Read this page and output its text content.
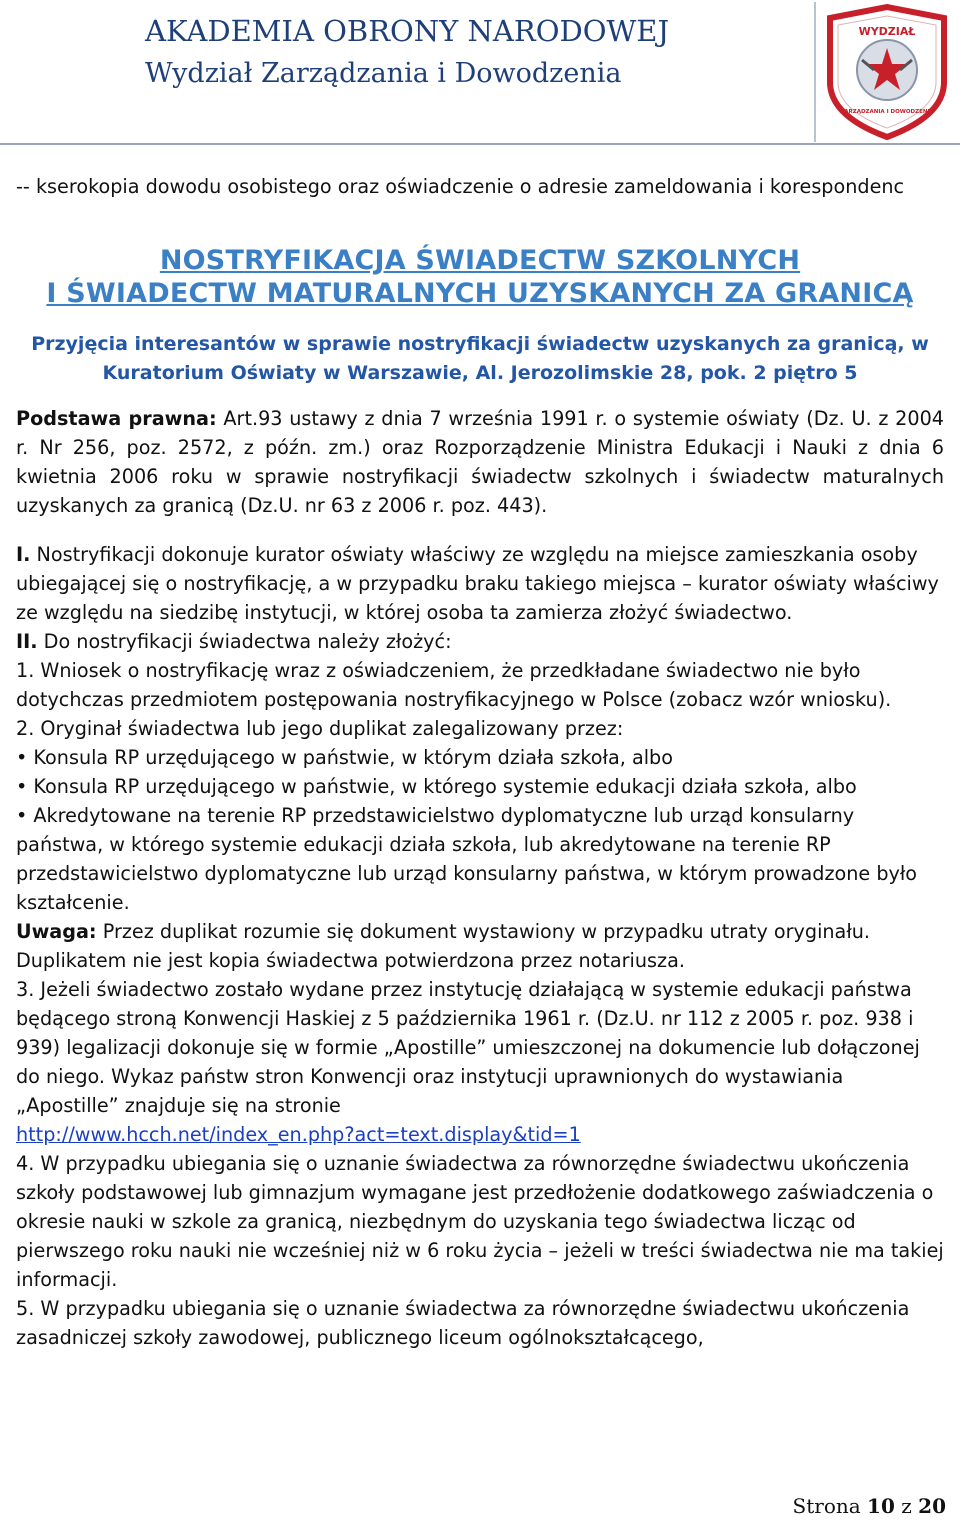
AKADEMIA OBRONY NARODOWEJ
Wydział Zarządzania i Dowodzenia
WYDZIAŁ
ZARZĄDZANIA I DOWODZENIA

-- kserokopia dowodu osobistego oraz oświadczenie o adresie zameldowania i korespondenc

NOSTRYFIKACJA ŚWIADECTW SZKOLNYCH
I ŚWIADECTW MATURALNYCH UZYSKANYCH ZA GRANICĄ

Przyjęcia interesantów w sprawie nostryfikacji świadectw uzyskanych za granicą, w Kuratorium Oświaty w Warszawie, Al. Jerozolimskie 28, pok. 2 piętro 5

Podstawa prawna: Art.93 ustawy z dnia 7 września 1991 r. o systemie oświaty (Dz. U. z 2004 r. Nr 256, poz. 2572, z późn. zm.) oraz Rozporządzenie Ministra Edukacji i Nauki z dnia 6 kwietnia 2006 roku w sprawie nostryfikacji świadectw szkolnych i świadectw maturalnych uzyskanych za granicą (Dz.U. nr 63 z 2006 r. poz. 443).

I. Nostryfikacji dokonuje kurator oświaty właściwy ze względu na miejsce zamieszkania osoby ubiegającej się o nostryfikację, a w przypadku braku takiego miejsca – kurator oświaty właściwy ze względu na siedzibę instytucji, w której osoba ta zamierza złożyć świadectwo.

II. Do nostryfikacji świadectwa należy złożyć:

1. Wniosek o nostryfikację wraz z oświadczeniem, że przedkładane świadectwo nie było dotychczas przedmiotem postępowania nostryfikacyjnego w Polsce (zobacz wzór wniosku).

2. Oryginał świadectwa lub jego duplikat zalegalizowany przez:

• Konsula RP urzędującego w państwie, w którym działa szkoła, albo

• Konsula RP urzędującego w państwie, w którego systemie edukacji działa szkoła, albo

• Akredytowane na terenie RP przedstawicielstwo dyplomatyczne lub urząd konsularny państwa, w którego systemie edukacji działa szkoła, lub akredytowane na terenie RP przedstawicielstwo dyplomatyczne lub urząd konsularny państwa, w którym prowadzone było kształcenie.

Uwaga: Przez duplikat rozumie się dokument wystawiony w przypadku utraty oryginału. Duplikatem nie jest kopia świadectwa potwierdzona przez notariusza.

3. Jeżeli świadectwo zostało wydane przez instytucję działającą w systemie edukacji państwa będącego stroną Konwencji Haskiej z 5 października 1961 r. (Dz.U. nr 112 z 2005 r. poz. 938 i 939) legalizacji dokonuje się w formie „Apostille” umieszczonej na dokumencie lub dołączonej do niego. Wykaz państw stron Konwencji oraz instytucji uprawnionych do wystawiania „Apostille” znajduje się na stronie

http://www.hcch.net/index_en.php?act=text.display&tid=1

4. W przypadku ubiegania się o uznanie świadectwa za równorzędne świadectwu ukończenia szkoły podstawowej lub gimnazjum wymagane jest przedłożenie dodatkowego zaświadczenia o okresie nauki w szkole za granicą, niezbędnym do uzyskania tego świadectwa licząc od pierwszego roku nauki nie wcześniej niż w 6 roku życia – jeżeli w treści świadectwa nie ma takiej informacji.

5. W przypadku ubiegania się o uznanie świadectwa za równorzędne świadectwu ukończenia zasadniczej szkoły zawodowej, publicznego liceum ogólnokształcącego,

Strona 10 z 20
